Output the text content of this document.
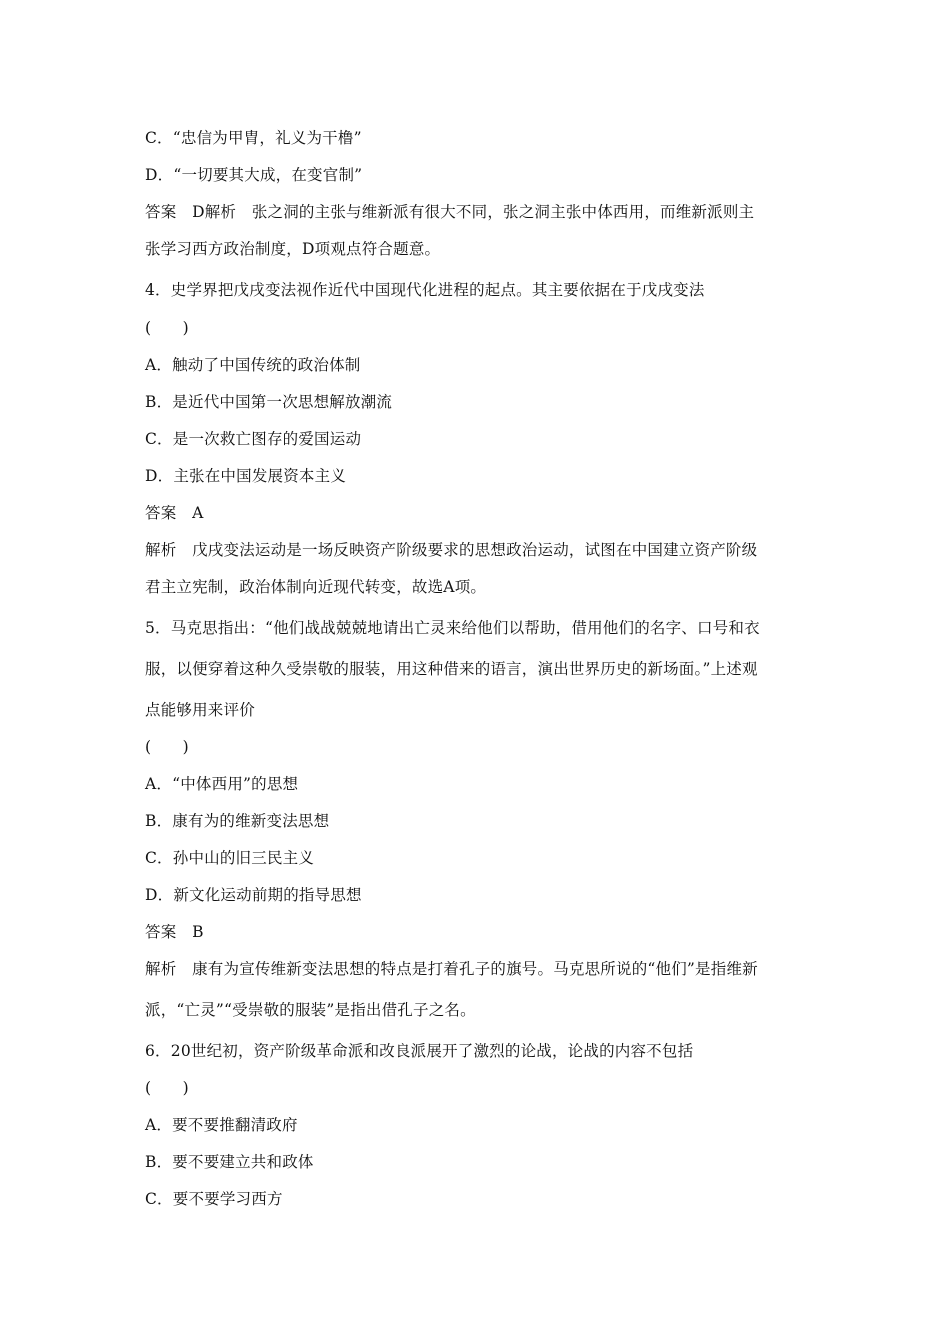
C．“忠信为甲胄，礼义为干橹”
D．“一切要其大成，在变官制”
答案　D解析　张之洞的主张与维新派有很大不同，张之洞主张中体西用，而维新派则主
张学习西方政治制度，D项观点符合题意。
4．史学界把戊戌变法视作近代中国现代化进程的起点。其主要依据在于戊戌变法
(　　)
A．触动了中国传统的政治体制
B．是近代中国第一次思想解放潮流
C．是一次救亡图存的爱国运动
D．主张在中国发展资本主义
答案　A
解析　戊戌变法运动是一场反映资产阶级要求的思想政治运动，试图在中国建立资产阶级
君主立宪制，政治体制向近现代转变，故选A项。
5．马克思指出：“他们战战兢兢地请出亡灵来给他们以帮助，借用他们的名字、口号和衣
服，以便穿着这种久受崇敬的服装，用这种借来的语言，演出世界历史的新场面。”上述观
点能够用来评价
(　　)
A．“中体西用”的思想
B．康有为的维新变法思想
C．孙中山的旧三民主义
D．新文化运动前期的指导思想
答案　B
解析　康有为宣传维新变法思想的特点是打着孔子的旗号。马克思所说的“他们”是指维新
派，“亡灵”“受崇敬的服装”是指出借孔子之名。
6．20世纪初，资产阶级革命派和改良派展开了激烈的论战，论战的内容不包括
(　　)
A．要不要推翻清政府
B．要不要建立共和政体
C．要不要学习西方
